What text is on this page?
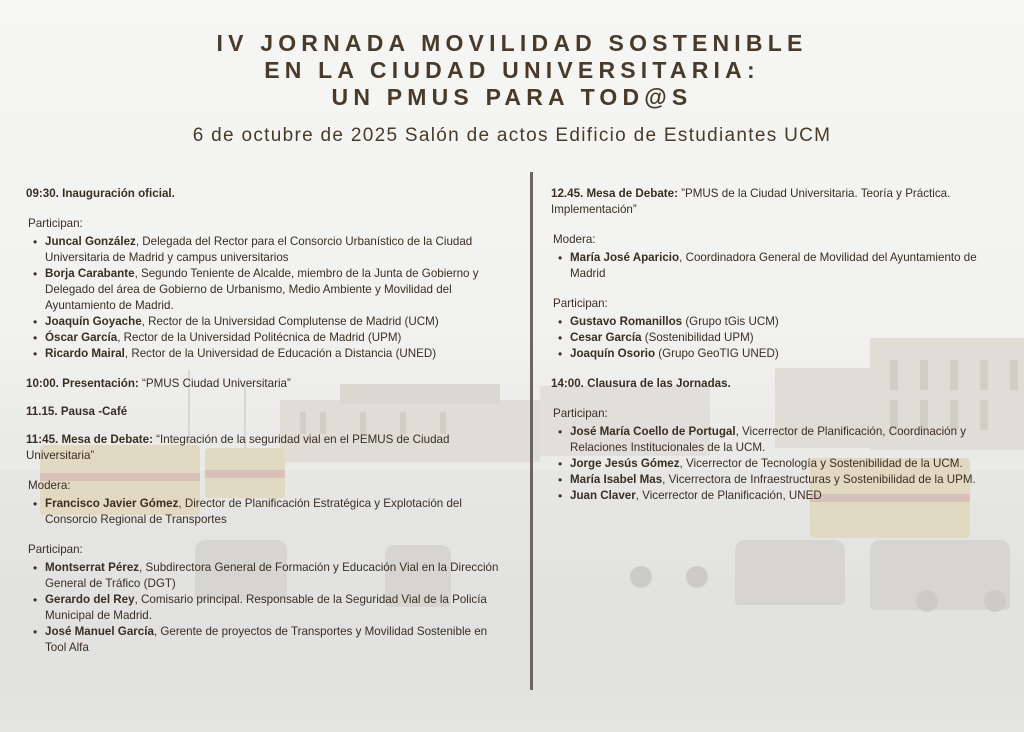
IV JORNADA MOVILIDAD SOSTENIBLE
EN LA CIUDAD UNIVERSITARIA:
UN PMUS PARA TOD@S
6 de octubre de 2025 Salón de actos Edificio de Estudiantes UCM
09:30. Inauguración oficial.
Participan:
• Juncal González, Delegada del Rector para el Consorcio Urbanístico de la Ciudad Universitaria de Madrid y campus universitarios
• Borja Carabante, Segundo Teniente de Alcalde, miembro de la Junta de Gobierno y Delegado del área de Gobierno de Urbanismo, Medio Ambiente y Movilidad del Ayuntamiento de Madrid.
• Joaquín Goyache, Rector de la Universidad Complutense de Madrid (UCM)
• Óscar García, Rector de la Universidad Politécnica de Madrid (UPM)
• Ricardo Mairal, Rector de la Universidad de Educación a Distancia (UNED)
10:00. Presentación: “PMUS Ciudad Universitaria”
11.15. Pausa -Café
11:45. Mesa de Debate: “Integración de la seguridad vial en el PEMUS de Ciudad Universitaria”
Modera:
• Francisco Javier Gómez, Director de Planificación Estratégica y Explotación del Consorcio Regional de Transportes
Participan:
• Montserrat Pérez, Subdirectora General de Formación y Educación Vial en la Dirección General de Tráfico (DGT)
• Gerardo del Rey, Comisario principal. Responsable de la Seguridad Vial de la Policía Municipal de Madrid.
• José Manuel García, Gerente de proyectos de Transportes y Movilidad Sostenible en Tool Alfa
12.45. Mesa de Debate: ”PMUS de la Ciudad Universitaria. Teoría y Práctica. Implementación”
Modera:
• María José Aparicio, Coordinadora General de Movilidad del Ayuntamiento de Madrid
Participan:
• Gustavo Romanillos (Grupo tGis UCM)
• Cesar García (Sostenibilidad UPM)
• Joaquín Osorio (Grupo GeoTIG UNED)
14:00. Clausura de las Jornadas.
Participan:
• José María Coello de Portugal, Vicerrector de Planificación, Coordinación y Relaciones Institucionales de la UCM.
• Jorge Jesús Gómez, Vicerrector de Tecnología y Sostenibilidad de la UCM.
• María Isabel Mas, Vicerrectora de Infraestructuras y Sostenibilidad de la UPM.
• Juan Claver, Vicerrector de Planificación, UNED
